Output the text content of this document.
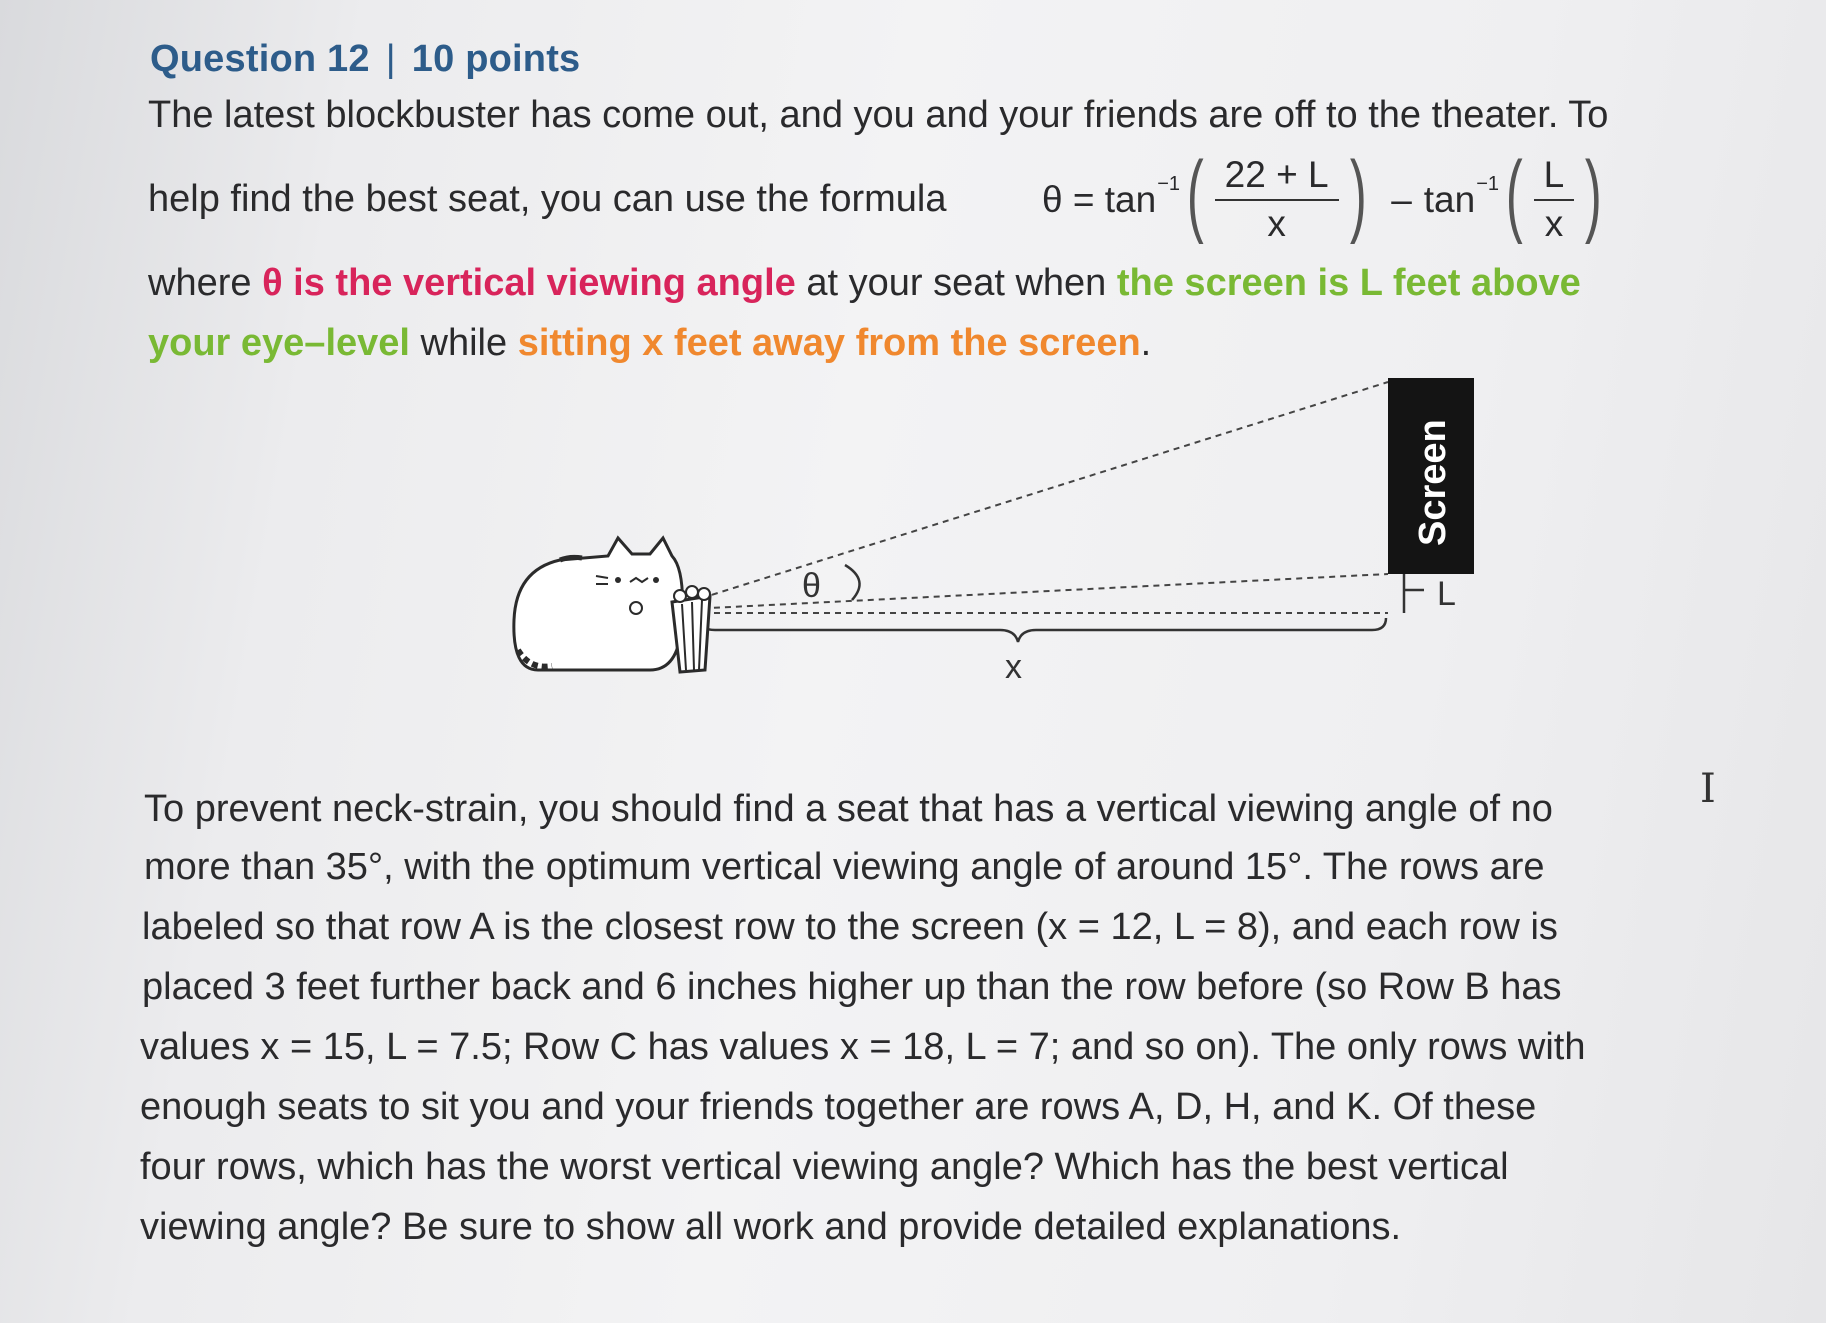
Question 12 | 10 points
The latest blockbuster has come out, and you and your friends are off to the theater. To
help find the best seat, you can use the formula	θ = tan −1 ( $\frac{22 + L}{x}$ ) – tan −1 ( $\frac{L}{x}$ )
where θ is the vertical viewing angle at your seat when the screen is L feet above
your eye–level while sitting x feet away from the screen.
θ
Screen
L
x
To prevent neck-strain, you should find a seat that has a vertical viewing angle of no
more than 35°, with the optimum vertical viewing angle of around 15°. The rows are
labeled so that row A is the closest row to the screen (x = 12, L = 8), and each row is
placed 3 feet further back and 6 inches higher up than the row before (so Row B has
values x = 15, L = 7.5; Row C has values x = 18, L = 7; and so on). The only rows with
enough seats to sit you and your friends together are rows A, D, H, and K. Of these
four rows, which has the worst vertical viewing angle? Which has the best vertical
viewing angle? Be sure to show all work and provide detailed explanations.
I
